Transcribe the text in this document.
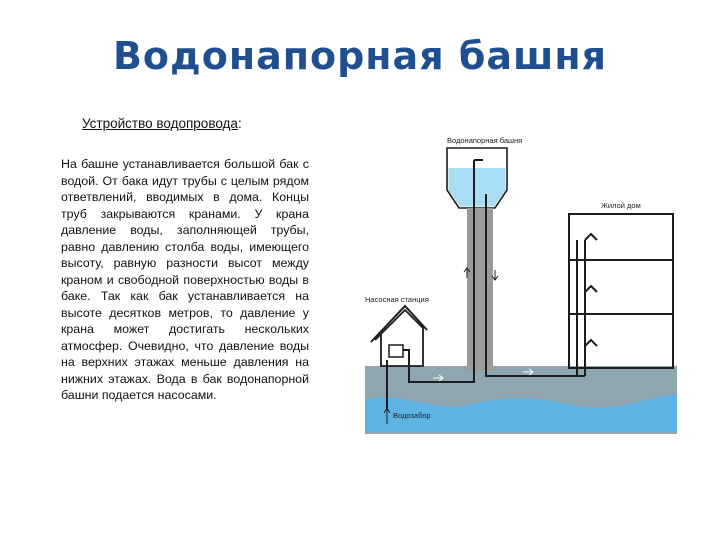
Водонапорная башня
Устройство водопровода:
На башне устанавливается большой бак с водой. От бака идут трубы с целым рядом ответвлений, вводимых в дома. Концы труб закрываются кранами. У крана давление воды, заполняющей трубы, равно давлению столба воды, имеющего высоту, равную разности высот между краном и свободной поверхностью воды в баке. Так как бак устанавливается на высоте десятков метров, то давление у крана может достигать нескольких атмосфер. Очевидно, что давление воды на верхних этажах меньше давления на нижних этажах. Вода в бак водонапорной башни подается насосами.
Водонапорная башня
Насосная станция
Водозабор
Жилой дом
